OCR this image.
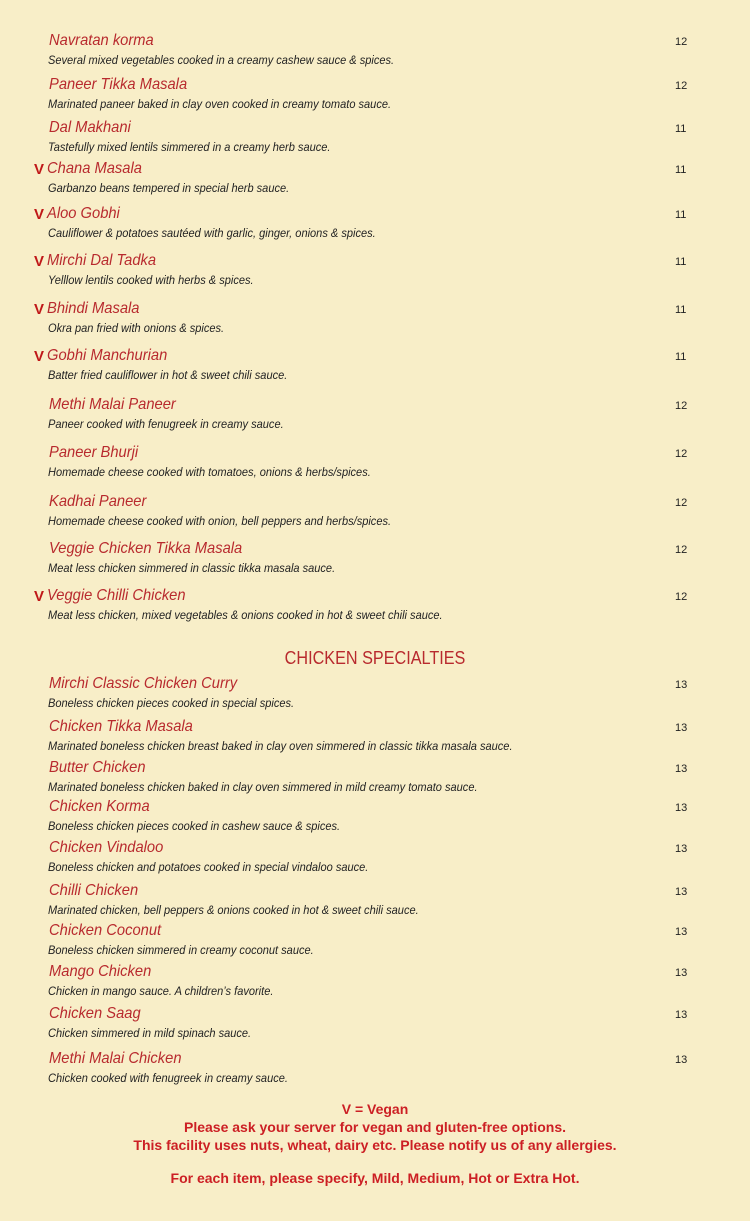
Navratan korma	12
Several mixed vegetables cooked in a creamy cashew sauce & spices.
Paneer Tikka Masala	12
Marinated paneer baked in clay oven cooked in creamy tomato sauce.
Dal Makhani	11
Tastefully mixed lentils simmered in a creamy herb sauce.
V Chana Masala	11
Garbanzo beans tempered in special herb sauce.
V Aloo Gobhi	11
Cauliflower & potatoes sautéed with garlic, ginger, onions & spices.
V Mirchi Dal Tadka	11
Yelllow lentils cooked with herbs & spices.
V Bhindi Masala	11
Okra pan fried with onions & spices.
V Gobhi Manchurian	11
Batter fried cauliflower in hot & sweet chili sauce.
Methi Malai Paneer	12
Paneer cooked with fenugreek in creamy sauce.
Paneer Bhurji	12
Homemade cheese cooked with tomatoes, onions & herbs/spices.
Kadhai Paneer	12
Homemade cheese cooked with onion, bell peppers and herbs/spices.
Veggie Chicken Tikka Masala	12
Meat less chicken simmered in classic tikka masala sauce.
V Veggie Chilli Chicken	12
Meat less chicken, mixed vegetables & onions cooked in hot & sweet chili sauce.
Mirchi Classic Chicken Curry	13
Boneless chicken pieces cooked in special spices.
Chicken Tikka Masala	13
Marinated boneless chicken breast baked in clay oven simmered in classic tikka masala sauce.
Butter Chicken	13
Marinated boneless chicken baked in clay oven simmered in mild creamy tomato sauce.
Chicken Korma	13
Boneless chicken pieces cooked in cashew sauce & spices.
Chicken Vindaloo	13
Boneless chicken and potatoes cooked in special vindaloo sauce.
Chilli Chicken	13
Marinated chicken, bell peppers & onions cooked in hot & sweet chili sauce.
Chicken Coconut	13
Boneless chicken simmered in creamy coconut sauce.
Mango Chicken	13
Chicken in mango sauce. A children’s favorite.
Chicken Saag	13
Chicken simmered in mild spinach sauce.
Methi Malai Chicken	13
Chicken cooked with fenugreek in creamy sauce.
CHICKEN SPECIALTIES
V = Vegan
Please ask your server for vegan and gluten-free options.
This facility uses nuts, wheat, dairy etc. Please notify us of any allergies.
For each item, please specify, Mild, Medium, Hot or Extra Hot.
